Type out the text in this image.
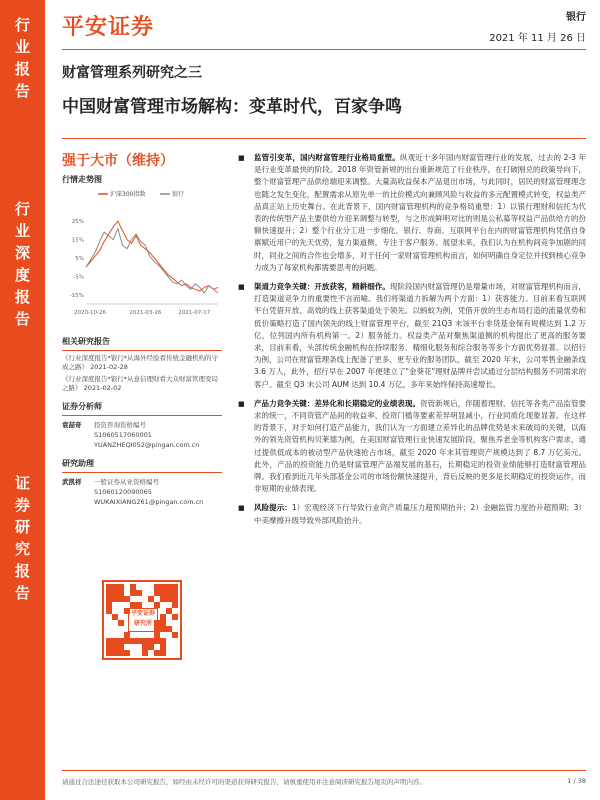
行
业
报
告
行
业
深
度
报
告
证
券
研
究
报
告
平安证券	银行
2021 年 11 月 26 日
财富管理系列研究之三
中国财富管理市场解构：变革时代，百家争鸣
强于大市（维持）
行情走势图
沪深300指数	银行
25%
15%
5%
-5%
-15%
2020-10-26	2021-03-26	2021-07-17
相关研究报告

《行业深度报告*银行*从海外经验看传统金融机构的守成之路》 2021-02-28

《行业深度报告*银行*从意信理财看大众财富管理变局之路》 2021-02-02

证券分析师
袁喆奇	投资咨询资格编号
S1060517060001
YUANZHEQI052@pingan.com.cn
研究助理
武凯祥	一般证券从业资格编号
S1060120090065
WUKAIXIANG261@pingan.com.cn
平安证券研究所
■ 监管引变革，国内财富管理行业格局重塑。纵观近十多年国内财富管理行业的发展，过去的 2-3 年是行业变革最快的阶段。2018 年资管新规的出台重新规范了行业秩序，在打破刚兑的政策导向下，整个财富管理产品供给端迎来调整。大量高收益保本产品退出市场，与此同时，居民的财富管理理念也随之发生变化，配置需求从原先单一的比价模式向兼顾风险与收益的多元配置模式转变，权益类产品真正站上历史舞台。在此背景下，国内财富管理机构的竞争格局重塑：1）以银行理财和信托为代表的传统型产品主要供给方迎来调整与转型，与之形成鲜明对比的则是公私募等权益产品供给方的份额快速提升；2）整个行业分工进一步细化，银行、券商、互联网平台在内的财富管理机构凭借自身禀赋近用户的先天优势，复力渠道侧，专注于客户服务。展望未来，我们认为在机构间竞争加剧的同时，同业之间的合作也会增多，对于任何一家财富管理机构而言，如何明确自身定位并找到核心竞争力成为了每家机构都需要思考的问题。
■ 渠道力竞争关键：开放获客，精耕细作。现阶段国内财富管理仍是增量市场，对财富管理机构而言，打造渠道竞争力的重要性不言而喻。我们将渠道力拆解为两个方面：1）获客能力。目前来看互联网平台凭借开放、高效的线上获客渠道处于领先。以蚂蚁为例，凭借开放的生态布局打造的流量优势和低价策略打造了国内领先的线上财富管理平台，截至 21Q3 末该平台非货基金保有规模达到 1.2 万亿，位列国内所有机构第一。2）服务能力。权益类产品对聚焦渠道侧的机构提出了更高的服务要求，目前来看，头部传统金融机构在持续服务、精细化服务和综合服务等多个方面优势显著。以招行为例，公司在财富管理条线上配备了更多、更专业的服务团队，截至 2020 年末，公司零售金融条线 3.6 万人，此外，招行早在 2007 年便建立了"金葵花"理财品牌并尝试通过分层结构服务不同需求的客户。截至 Q3 末公司 AUM 达到 10.4 万亿，多年来始终保持高速增长。
■ 产品力竞争关键：差异化和长期稳定的业绩表现。资管新规后，伴随着理财、信托等各类产品监管要求的统一，不同资管产品间的收益率、投资门槛等要素差异明显减小，行业同质化现象显著。在这样的背景下，对于如何打造产品能力，我们认为一方面建立差异化的品牌优势是未来破局的关键，以海外的领先资管机构贝莱德为例，在美国财富管理行业快速发展阶段，聚焦养老金等机构客户需求，通过提供低成本的被动型产品快速抢占市场，截至 2020 年末其管理资产规模达到了 8.7 万亿美元。此外，产品的投资能力仍是财富管理产品端发展的基石，长期稳定的投资业绩能够打造财富管理品牌。我们看到近几年头部基金公司的市场份额快速提升，背后反映的更多是长期稳定的投资运作，而非短期的业绩表现。
■ 风险提示：1）宏观经济下行导致行业资产质量压力超预期抬升；2）金融监管力度抬升超预期；3）中美摩擦升级导致外部风险抬升。
请通过合法途径获取本公司研究报告，如经由未经许可的渠道获得研究报告，请慎重使用并注意阅读研究报告尾页的声明内容。	1 / 38
